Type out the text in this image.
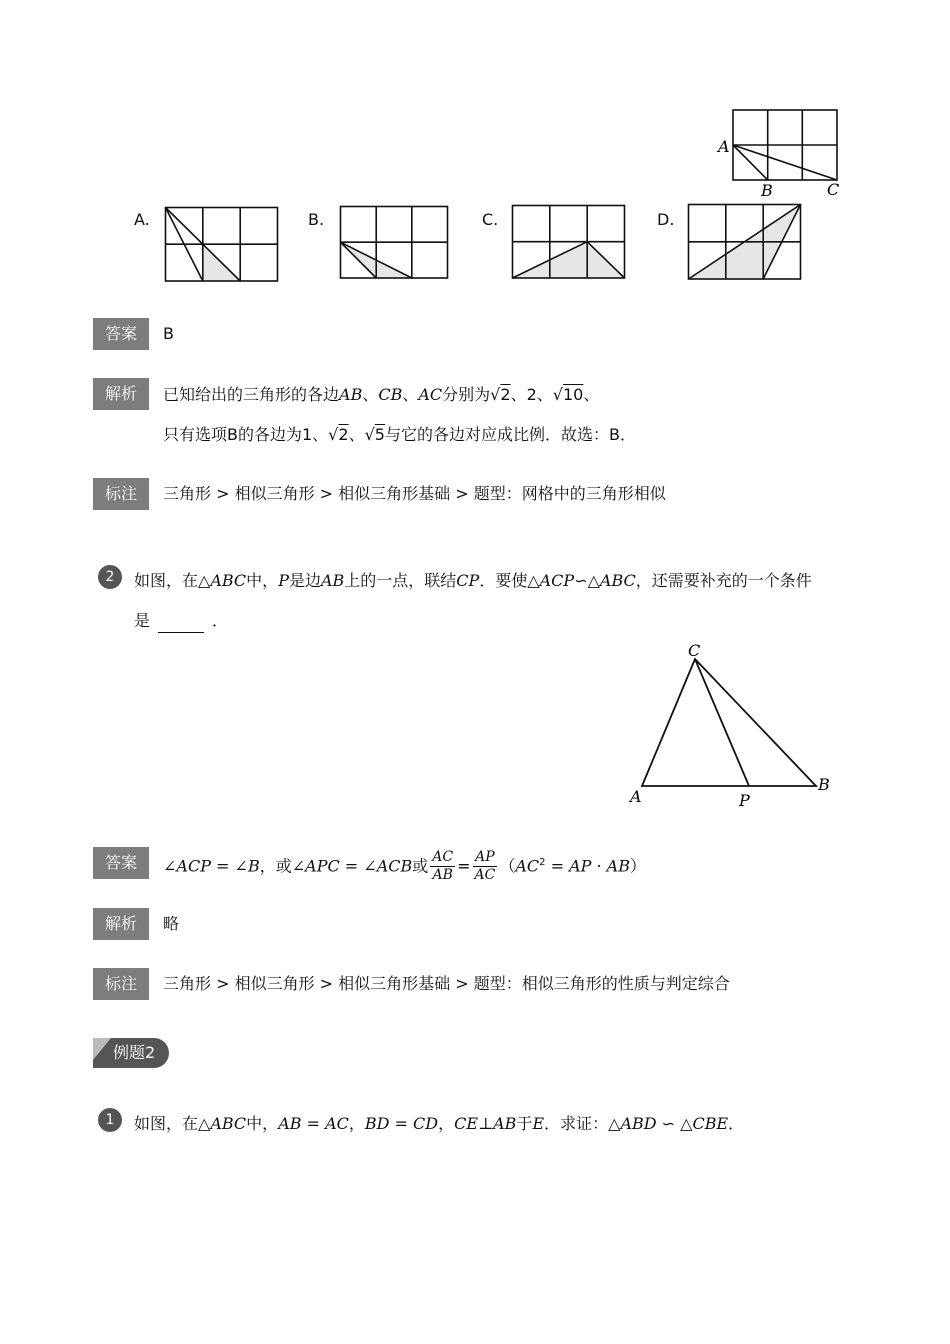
A
B	C
A.	B.	C.	D.
答案	B
解析	已知给出的三角形的各边AB、CB、AC分别为√2、2、√10、
只有选项B的各边为1、√2、√5与它的各边对应成比例．故选：B．
标注	三角形 > 相似三角形 > 相似三角形基础 > 题型：网格中的三角形相似
2	如图，在△ABC中，P是边AB上的一点，联结CP．要使△ACP∽△ABC，还需要补充的一个条件
是	．
C
A	P
B
答案	∠ACP = ∠B，或∠APC = ∠ACB或 $\frac{AC}{AB} = \frac{AP}{AC} (AC^2$ = AP · AB）
解析	略
标注	三角形 > 相似三角形 > 相似三角形基础 > 题型：相似三角形的性质与判定综合
例题2
1	如图，在△ABC中，AB = AC，BD = CD，CE⊥AB于E．求证：△ABD ∽ △CBE．
